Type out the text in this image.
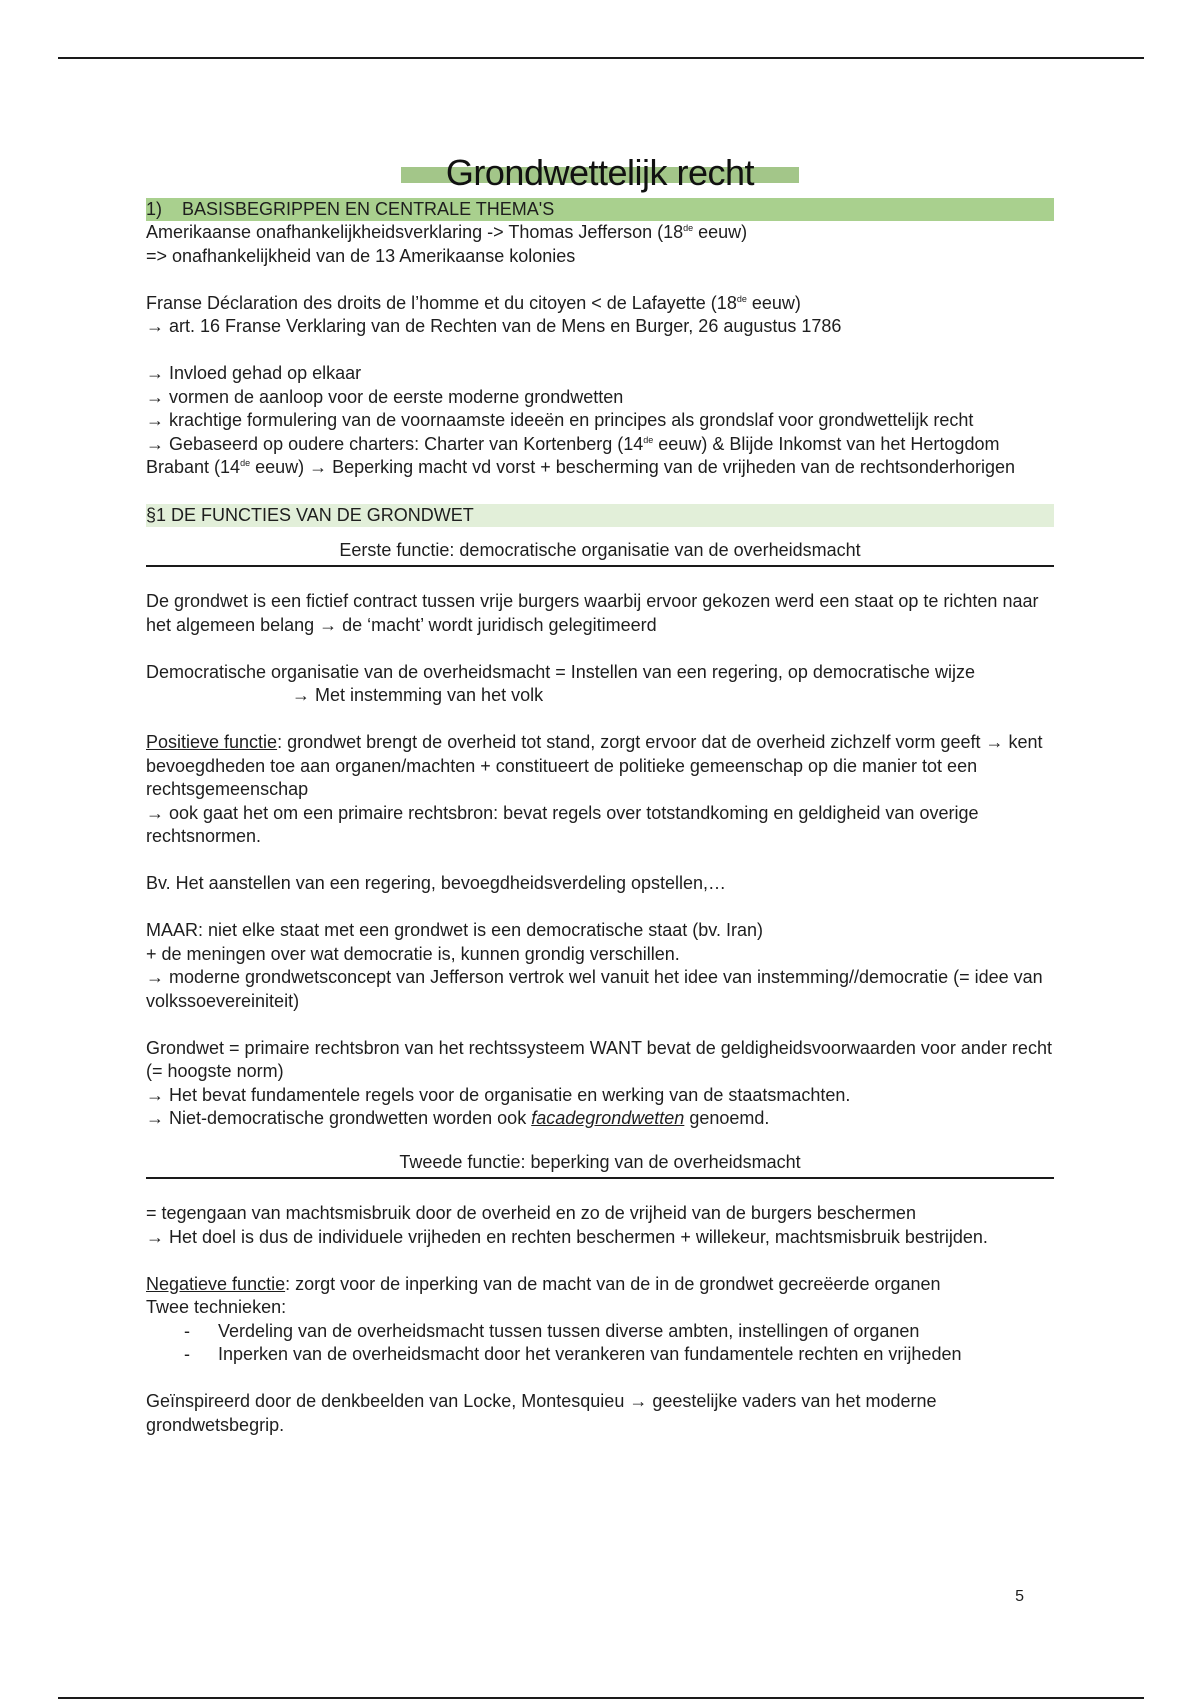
Grondwettelijk recht
1) BASISBEGRIPPEN EN CENTRALE THEMA'S

Amerikaanse onafhankelijkheidsverklaring -> Thomas Jefferson (18de eeuw)

=> onafhankelijkheid van de 13 Amerikaanse kolonies

Franse Déclaration des droits de l’homme et du citoyen < de Lafayette (18de eeuw)

→ art. 16 Franse Verklaring van de Rechten van de Mens en Burger, 26 augustus 1786

→ Invloed gehad op elkaar

→ vormen de aanloop voor de eerste moderne grondwetten

→ krachtige formulering van de voornaamste ideeën en principes als grondslaf voor grondwettelijk recht

→ Gebaseerd op oudere charters: Charter van Kortenberg (14de eeuw) & Blijde Inkomst van het Hertogdom Brabant (14de eeuw) → Beperking macht vd vorst + bescherming van de vrijheden van de rechtsonderhorigen

§1 DE FUNCTIES VAN DE GRONDWET
Eerste functie: democratische organisatie van de overheidsmacht

De grondwet is een fictief contract tussen vrije burgers waarbij ervoor gekozen werd een staat op te richten naar het algemeen belang → de ‘macht’ wordt juridisch gelegitimeerd

Democratische organisatie van de overheidsmacht = Instellen van een regering, op democratische wijze

→ Met instemming van het volk

Positieve functie: grondwet brengt de overheid tot stand, zorgt ervoor dat de overheid zichzelf vorm geeft → kent bevoegdheden toe aan organen/machten + constitueert de politieke gemeenschap op die manier tot een rechtsgemeenschap

→ ook gaat het om een primaire rechtsbron: bevat regels over totstandkoming en geldigheid van overige rechtsnormen.

Bv. Het aanstellen van een regering, bevoegdheidsverdeling opstellen,…

MAAR: niet elke staat met een grondwet is een democratische staat (bv. Iran)

+ de meningen over wat democratie is, kunnen grondig verschillen.

→ moderne grondwetsconcept van Jefferson vertrok wel vanuit het idee van instemming//democratie (= idee van volkssoevereiniteit)

Grondwet = primaire rechtsbron van het rechtssysteem WANT bevat de geldigheidsvoorwaarden voor ander recht (= hoogste norm)

→ Het bevat fundamentele regels voor de organisatie en werking van de staatsmachten.

→ Niet-democratische grondwetten worden ook facadegrondwetten genoemd.

Tweede functie: beperking van de overheidsmacht

= tegengaan van machtsmisbruik door de overheid en zo de vrijheid van de burgers beschermen

→ Het doel is dus de individuele vrijheden en rechten beschermen + willekeur, machtsmisbruik bestrijden.

Negatieve functie: zorgt voor de inperking van de macht van de in de grondwet gecreëerde organen

Twee technieken:

- Verdeling van de overheidsmacht tussen tussen diverse ambten, instellingen of organen
- Inperken van de overheidsmacht door het verankeren van fundamentele rechten en vrijheden

Geïnspireerd door de denkbeelden van Locke, Montesquieu → geestelijke vaders van het moderne grondwetsbegrip.

5
